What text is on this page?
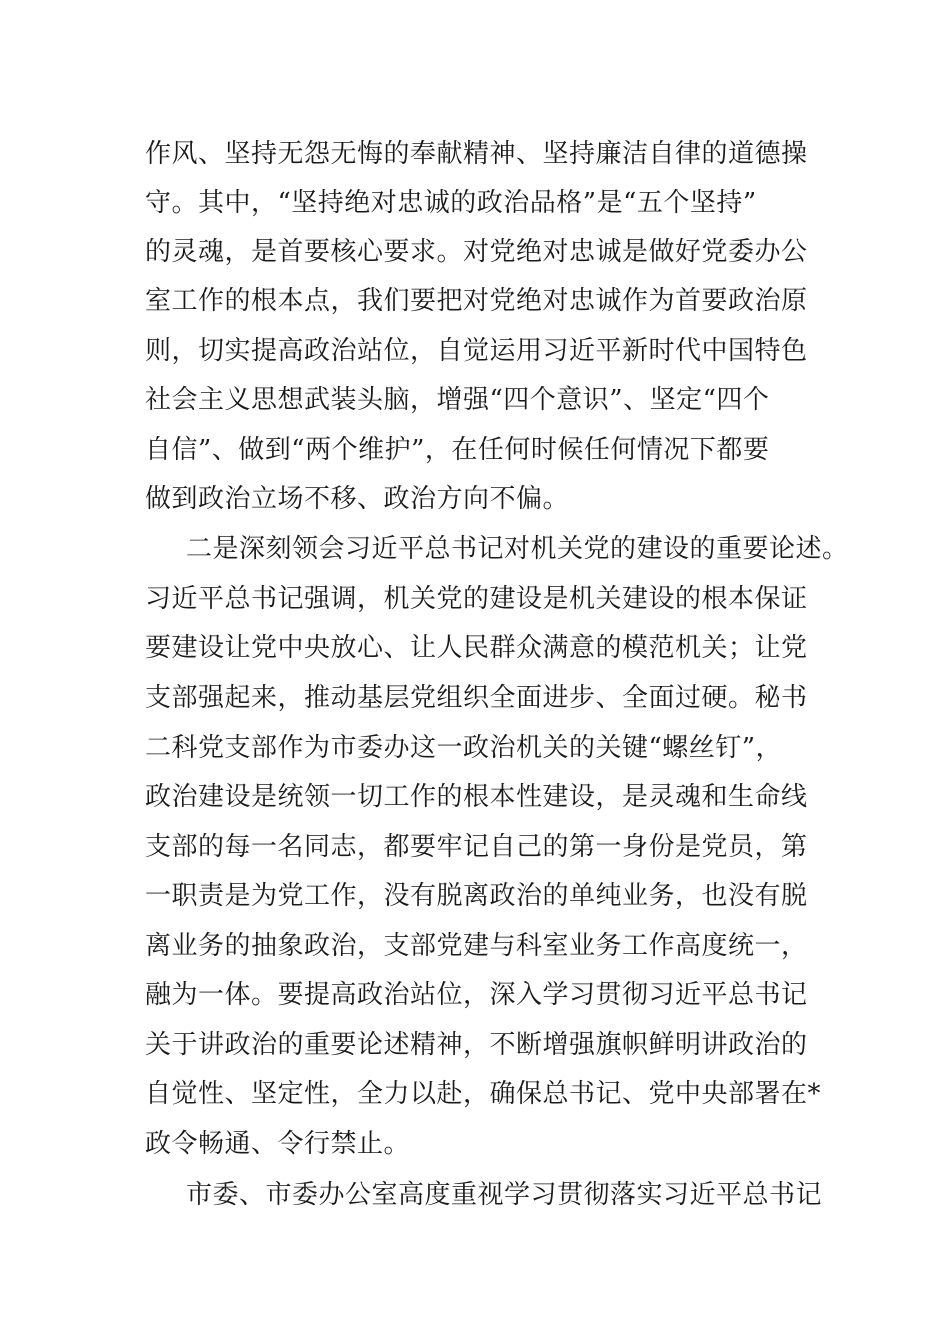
作风、坚持无怨无悔的奉献精神、坚持廉洁自律的道德操
守。其中，“坚持绝对忠诚的政治品格”是“五个坚持”
的灵魂，是首要核心要求。对党绝对忠诚是做好党委办公
室工作的根本点，我们要把对党绝对忠诚作为首要政治原
则，切实提高政治站位，自觉运用习近平新时代中国特色
社会主义思想武装头脑，增强“四个意识”、坚定“四个
自信”、做到“两个维护”，在任何时候任何情况下都要
做到政治立场不移、政治方向不偏。
二是深刻领会习近平总书记对机关党的建设的重要论述。
习近平总书记强调，机关党的建设是机关建设的根本保证
要建设让党中央放心、让人民群众满意的模范机关；让党
支部强起来，推动基层党组织全面进步、全面过硬。秘书
二科党支部作为市委办这一政治机关的关键“螺丝钉”，
政治建设是统领一切工作的根本性建设，是灵魂和生命线
支部的每一名同志，都要牢记自己的第一身份是党员，第
一职责是为党工作，没有脱离政治的单纯业务，也没有脱
离业务的抽象政治，支部党建与科室业务工作高度统一，
融为一体。要提高政治站位，深入学习贯彻习近平总书记
关于讲政治的重要论述精神，不断增强旗帜鲜明讲政治的
自觉性、坚定性，全力以赴，确保总书记、党中央部署在*
政令畅通、令行禁止。
市委、市委办公室高度重视学习贯彻落实习近平总书记
